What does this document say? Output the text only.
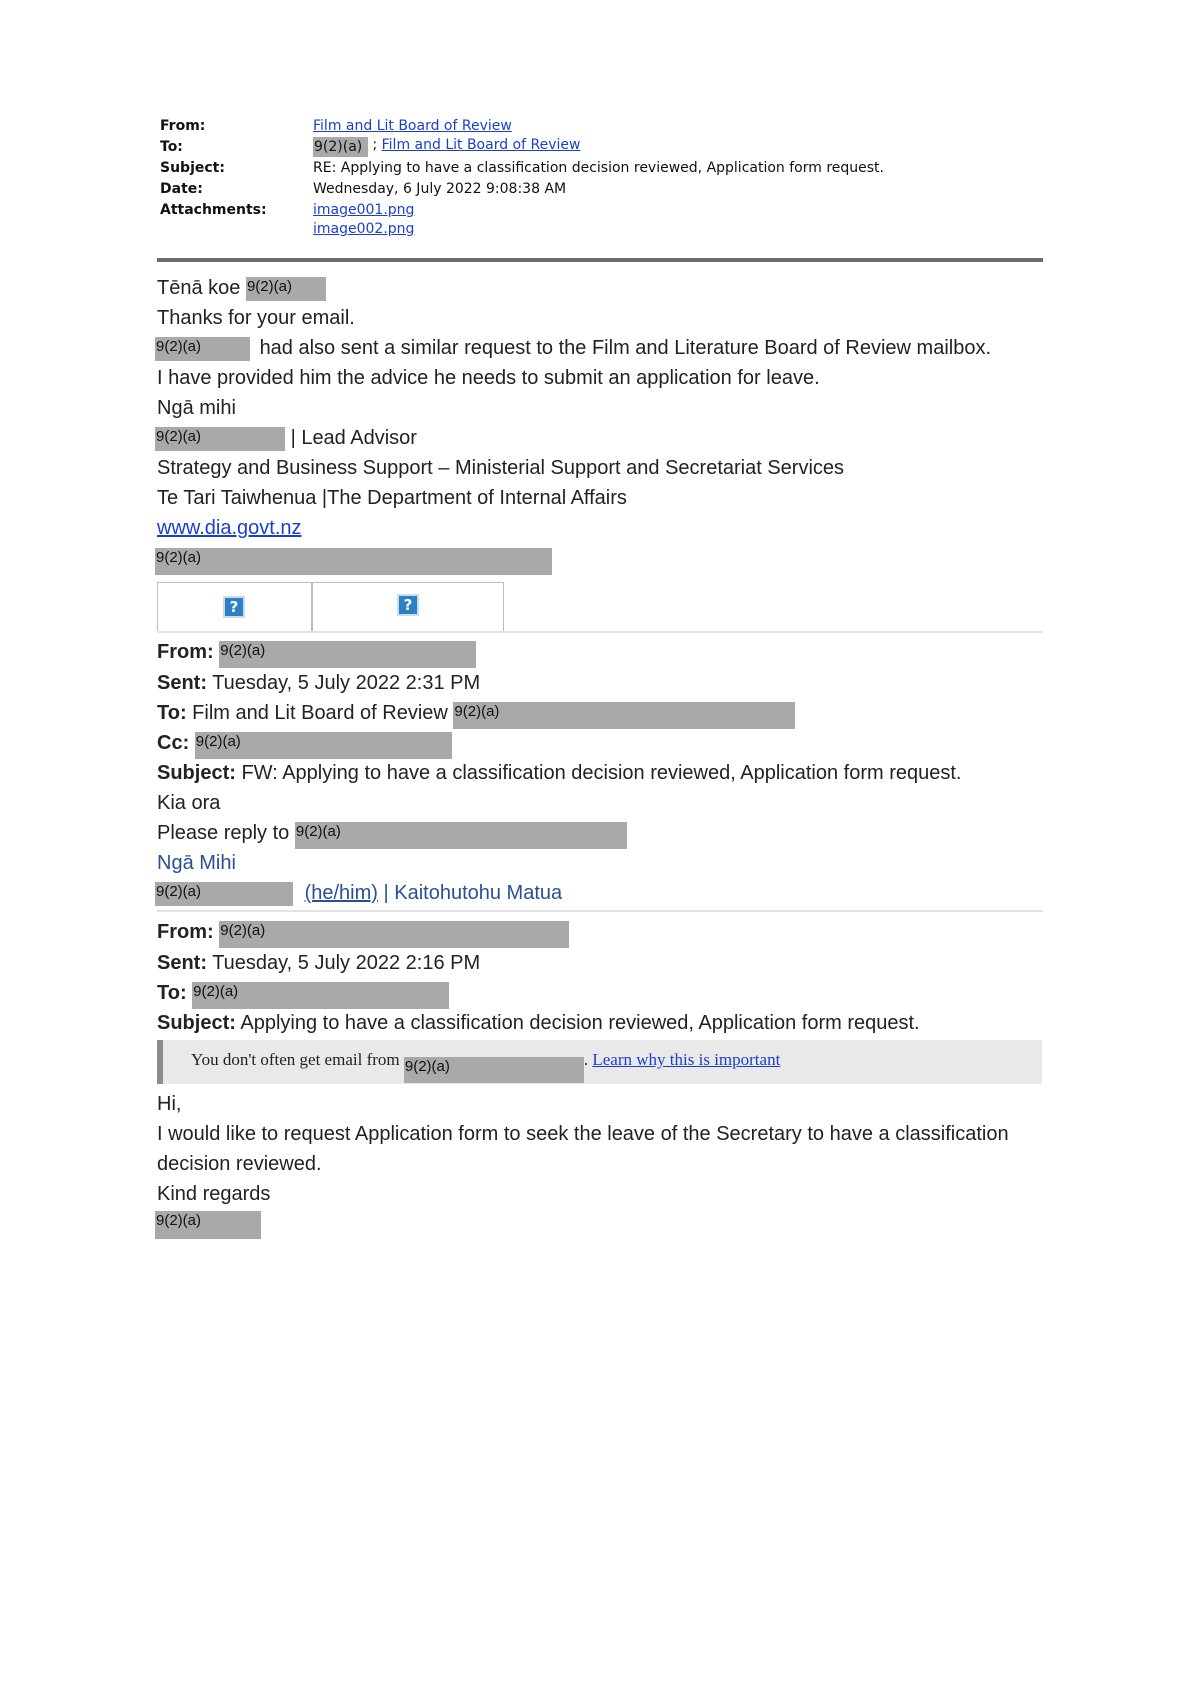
From:	Film and Lit Board of Review
To:	9(2)(a) ; Film and Lit Board of Review
Subject:	RE: Applying to have a classification decision reviewed, Application form request.
Date:	Wednesday, 6 July 2022 9:08:38 AM
Attachments:	image001.png
image002.png
Tēnā koe 9(2)(a)
Thanks for your email.
9(2)(a)	had also sent a similar request to the Film and Literature Board of Review mailbox.
I have provided him the advice he needs to submit an application for leave.
Ngā mihi
9(2)(a)	| Lead Advisor
Strategy and Business Support – Ministerial Support and Secretariat Services
Te Tari Taiwhenua |The Department of Internal Affairs
www.dia.govt.nz
9(2)(a)
?	?
From: 9(2)(a)
Sent: Tuesday, 5 July 2022 2:31 PM
To: Film and Lit Board of Review 9(2)(a)
Cc: 9(2)(a)
Subject: FW: Applying to have a classification decision reviewed, Application form request.
Kia ora
Please reply to 9(2)(a)
Ngā Mihi
9(2)(a)	(he/him) | Kaitohutohu Matua
From: 9(2)(a)
Sent: Tuesday, 5 July 2022 2:16 PM
To: 9(2)(a)
Subject: Applying to have a classification decision reviewed, Application form request.
You don't often get email from 9(2)(a)	. Learn why this is important
Hi,
I would like to request Application form to seek the leave of the Secretary to have a classification
decision reviewed.
Kind regards
9(2)(a)
